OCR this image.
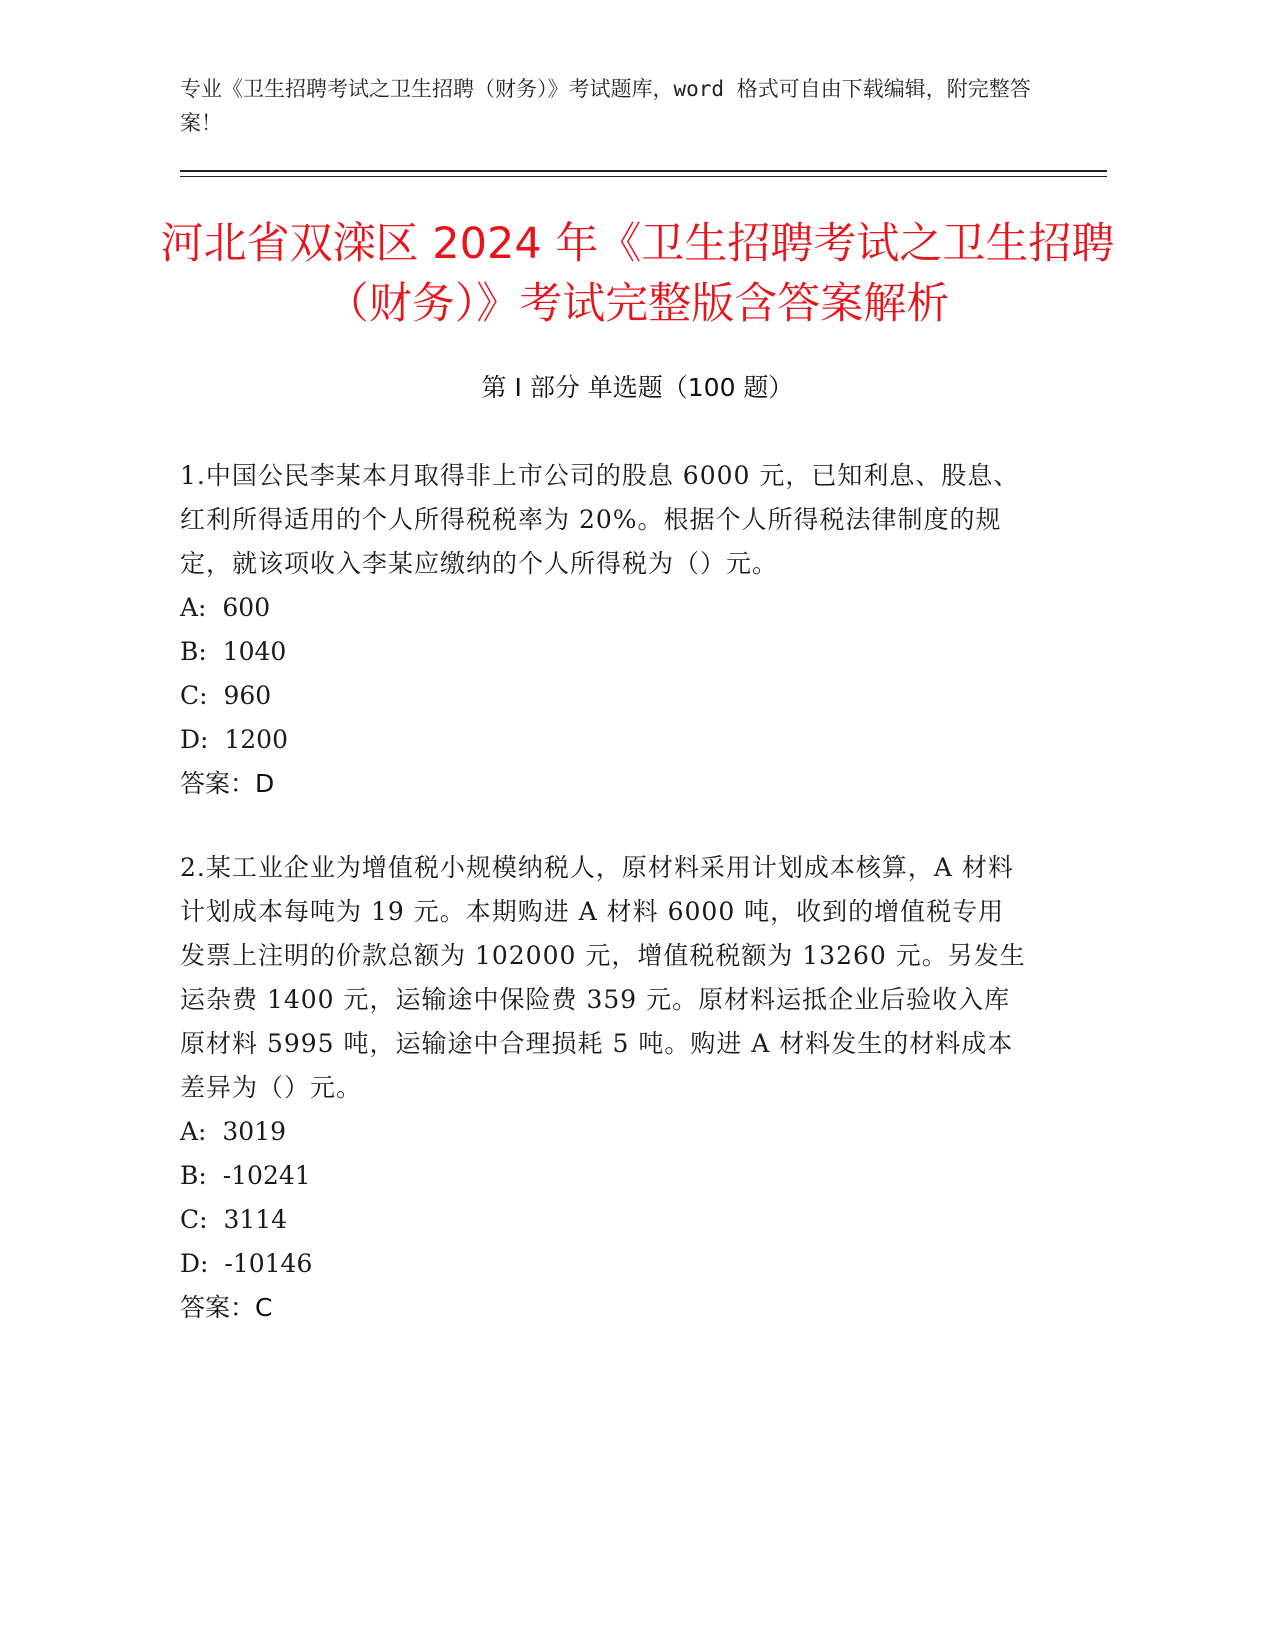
专业《卫生招聘考试之卫生招聘（财务）》考试题库，word 格式可自由下载编辑，附完整答案！
河北省双滦区 2024 年《卫生招聘考试之卫生招聘（财务）》考试完整版含答案解析
第 I 部分 单选题（100 题）

1.中国公民李某本月取得非上市公司的股息 6000 元，已知利息、股息、红利所得适用的个人所得税税率为 20%。根据个人所得税法律制度的规定，就该项收入李某应缴纳的个人所得税为（）元。

A: 600

B: 1040

C: 960

D: 1200

答案：D

2.某工业企业为增值税小规模纳税人，原材料采用计划成本核算，A 材料计划成本每吨为 19 元。本期购进 A 材料 6000 吨，收到的增值税专用发票上注明的价款总额为 102000 元，增值税税额为 13260 元。另发生运杂费 1400 元，运输途中保险费 359 元。原材料运抵企业后验收入库原材料 5995 吨，运输途中合理损耗 5 吨。购进 A 材料发生的材料成本差异为（）元。

A: 3019

B: -10241

C: 3114

D: -10146

答案：C
